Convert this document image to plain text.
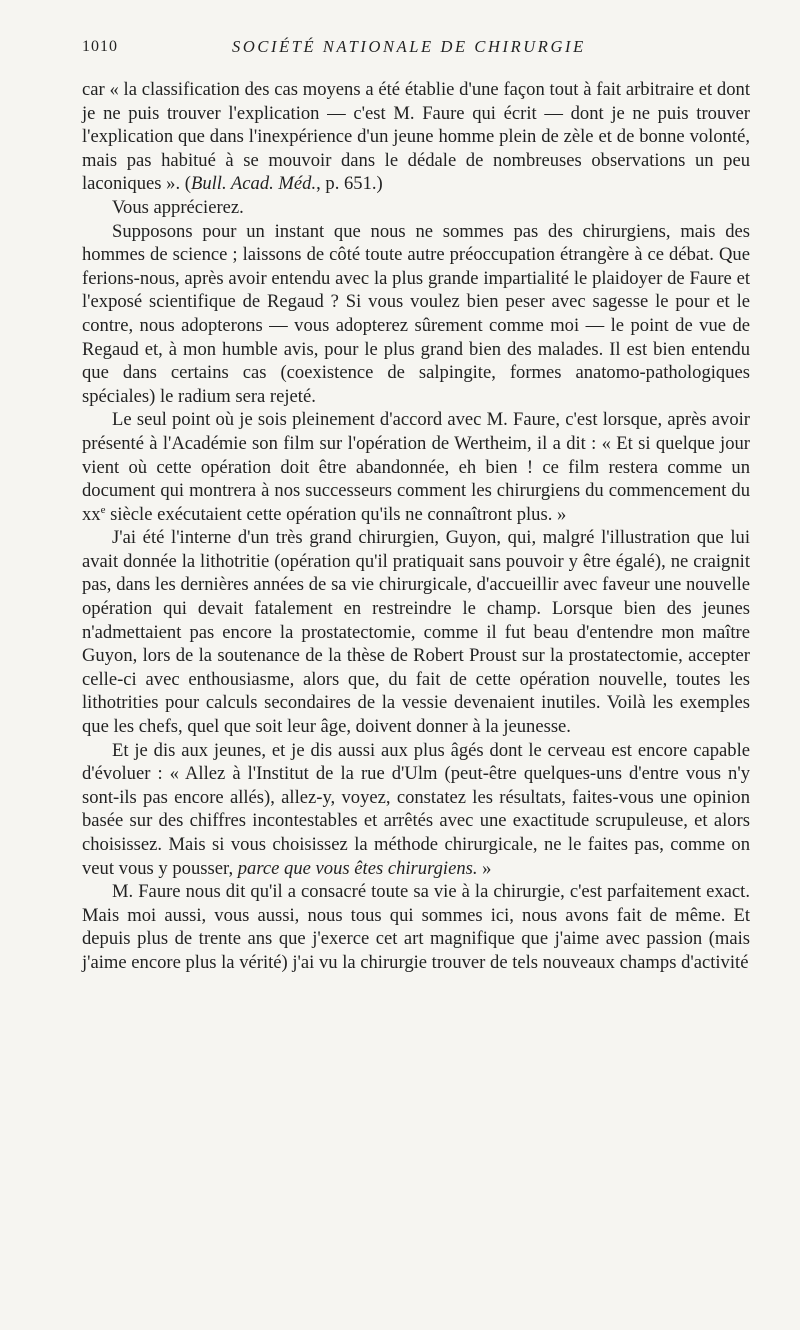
1010	SOCIÉTÉ NATIONALE DE CHIRURGIE

car « la classification des cas moyens a été établie d'une façon tout à fait arbitraire et dont je ne puis trouver l'explication — c'est M. Faure qui écrit — dont je ne puis trouver l'explication que dans l'inexpérience d'un jeune homme plein de zèle et de bonne volonté, mais pas habitué à se mouvoir dans le dédale de nombreuses observations un peu laconiques ». (Bull. Acad. Méd., p. 651.)

Vous apprécierez.

Supposons pour un instant que nous ne sommes pas des chirurgiens, mais des hommes de science ; laissons de côté toute autre préoccupation étrangère à ce débat. Que ferions-nous, après avoir entendu avec la plus grande impartialité le plaidoyer de Faure et l'exposé scientifique de Regaud ? Si vous voulez bien peser avec sagesse le pour et le contre, nous adopterons — vous adopterez sûrement comme moi — le point de vue de Regaud et, à mon humble avis, pour le plus grand bien des malades. Il est bien entendu que dans certains cas (coexistence de salpingite, formes anatomo-pathologiques spéciales) le radium sera rejeté.

Le seul point où je sois pleinement d'accord avec M. Faure, c'est lorsque, après avoir présenté à l'Académie son film sur l'opération de Wertheim, il a dit : « Et si quelque jour vient où cette opération doit être abandonnée, eh bien ! ce film restera comme un document qui montrera à nos successeurs comment les chirurgiens du commencement du $xx^e$ siècle exécutaient cette opération qu'ils ne connaîtront plus. »

J'ai été l'interne d'un très grand chirurgien, Guyon, qui, malgré l'illustration que lui avait donnée la lithotritie (opération qu'il pratiquait sans pouvoir y être égalé), ne craignit pas, dans les dernières années de sa vie chirurgicale, d'accueillir avec faveur une nouvelle opération qui devait fatalement en restreindre le champ. Lorsque bien des jeunes n'admettaient pas encore la prostatectomie, comme il fut beau d'entendre mon maître Guyon, lors de la soutenance de la thèse de Robert Proust sur la prostatectomie, accepter celle-ci avec enthousiasme, alors que, du fait de cette opération nouvelle, toutes les lithotrities pour calculs secondaires de la vessie devenaient inutiles. Voilà les exemples que les chefs, quel que soit leur âge, doivent donner à la jeunesse.

Et je dis aux jeunes, et je dis aussi aux plus âgés dont le cerveau est encore capable d'évoluer : « Allez à l'Institut de la rue d'Ulm (peut-être quelques-uns d'entre vous n'y sont-ils pas encore allés), allez-y, voyez, constatez les résultats, faites-vous une opinion basée sur des chiffres incontestables et arrêtés avec une exactitude scrupuleuse, et alors choisissez. Mais si vous choisissez la méthode chirurgicale, ne le faites pas, comme on veut vous y pousser, parce que vous êtes chirurgiens. »

M. Faure nous dit qu'il a consacré toute sa vie à la chirurgie, c'est parfaitement exact. Mais moi aussi, vous aussi, nous tous qui sommes ici, nous avons fait de même. Et depuis plus de trente ans que j'exerce cet art magnifique que j'aime avec passion (mais j'aime encore plus la vérité) j'ai vu la chirurgie trouver de tels nouveaux champs d'activité
